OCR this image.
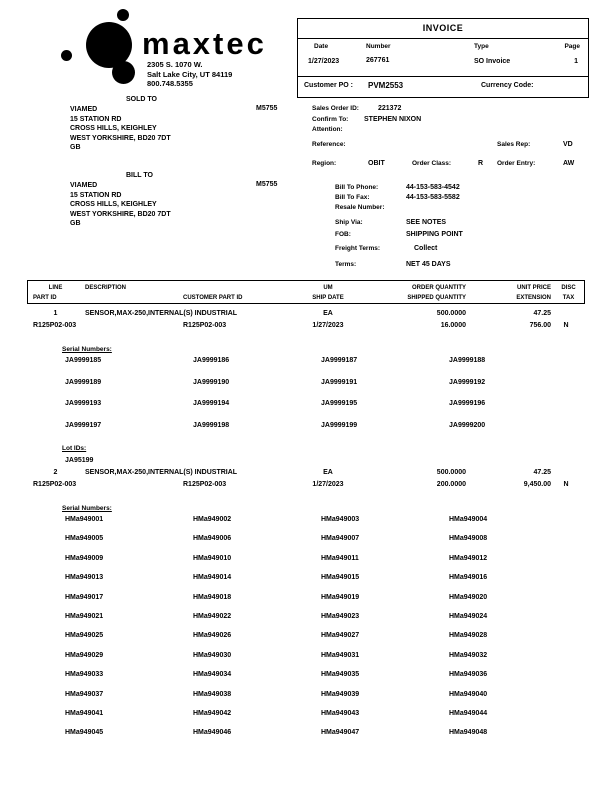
maxtec
2305 S. 1070 W.
Salt Lake City, UT 84119
800.748.5355
INVOICE
Date	Number	Type	Page
1/27/2023	267761	SO Invoice	1
Customer PO : PVM2553	Currency Code:
SOLD TO
VIAMED
15 STATION RD
CROSS HILLS, KEIGHLEY
WEST YORKSHIRE, BD20 7DT
GB
M5755	Sales Order ID:	221372
Confirm To: STEPHEN NIXON
Attention:
Reference:	Sales Rep:	VD
Region:	OBIT	Order Class:	R Order Entry:	AW
BILL TO
VIAMED
15 STATION RD
CROSS HILLS, KEIGHLEY
WEST YORKSHIRE, BD20 7DT
GB
M5755	Bill To Phone:	44-153-583-4542
Bill To Fax:	44-153-583-5582
Resale Number:
Ship Via:	SEE NOTES
FOB:	SHIPPING POINT
Freight Terms:	Collect
Terms:	NET 45 DAYS
LINE	DESCRIPTION	UM	ORDER QUANTITY	UNIT PRICE	DISC
PART ID	CUSTOMER PART ID	SHIP DATE	SHIPPED QUANTITY	EXTENSION	TAX
1	SENSOR,MAX-250,INTERNAL(S) INDUSTRIAL	EA	500.0000	47.25
R125P02-003	R125P02-003	1/27/2023	16.0000	756.00	N
Serial Numbers:
JA9999185	JA9999186	JA9999187	JA9999188
JA9999189	JA9999190	JA9999191	JA9999192
JA9999193	JA9999194	JA9999195	JA9999196
JA9999197	JA9999198	JA9999199	JA9999200
Lot IDs:
JA95199
2	SENSOR,MAX-250,INTERNAL(S) INDUSTRIAL	EA	500.0000	47.25
R125P02-003	R125P02-003	1/27/2023	200.0000	9,450.00	N
Serial Numbers:
HMa949001	HMa949002	HMa949003	HMa949004
HMa949005	HMa949006	HMa949007	HMa949008
HMa949009	HMa949010	HMa949011	HMa949012
HMa949013	HMa949014	HMa949015	HMa949016
HMa949017	HMa949018	HMa949019	HMa949020
HMa949021	HMa949022	HMa949023	HMa949024
HMa949025	HMa949026	HMa949027	HMa949028
HMa949029	HMa949030	HMa949031	HMa949032
HMa949033	HMa949034	HMa949035	HMa949036
HMa949037	HMa949038	HMa949039	HMa949040
HMa949041	HMa949042	HMa949043	HMa949044
HMa949045	HMa949046	HMa949047	HMa949048
